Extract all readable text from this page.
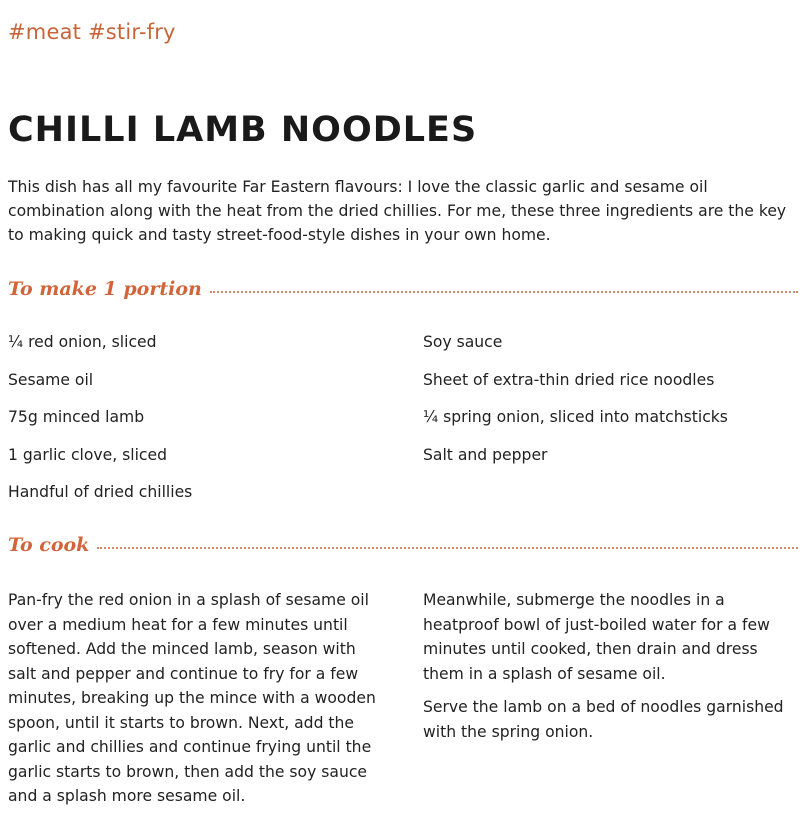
#meat #stir-fry
CHILLI LAMB NOODLES

This dish has all my favourite Far Eastern flavours: I love the classic garlic and sesame oil combination along with the heat from the dried chillies. For me, these three ingredients are the key to making quick and tasty street-food-style dishes in your own home.

To make 1 portion
¼ red onion, sliced
Sesame oil
75g minced lamb
1 garlic clove, sliced
Handful of dried chillies
Soy sauce
Sheet of extra-thin dried rice noodles
¼ spring onion, sliced into matchsticks
Salt and pepper
To cook

Pan-fry the red onion in a splash of sesame oil over a medium heat for a few minutes until softened. Add the minced lamb, season with salt and pepper and continue to fry for a few minutes, breaking up the mince with a wooden spoon, until it starts to brown. Next, add the garlic and chillies and continue frying until the garlic starts to brown, then add the soy sauce and a splash more sesame oil.

Meanwhile, submerge the noodles in a heatproof bowl of just-boiled water for a few minutes until cooked, then drain and dress them in a splash of sesame oil.

Serve the lamb on a bed of noodles garnished with the spring onion.
